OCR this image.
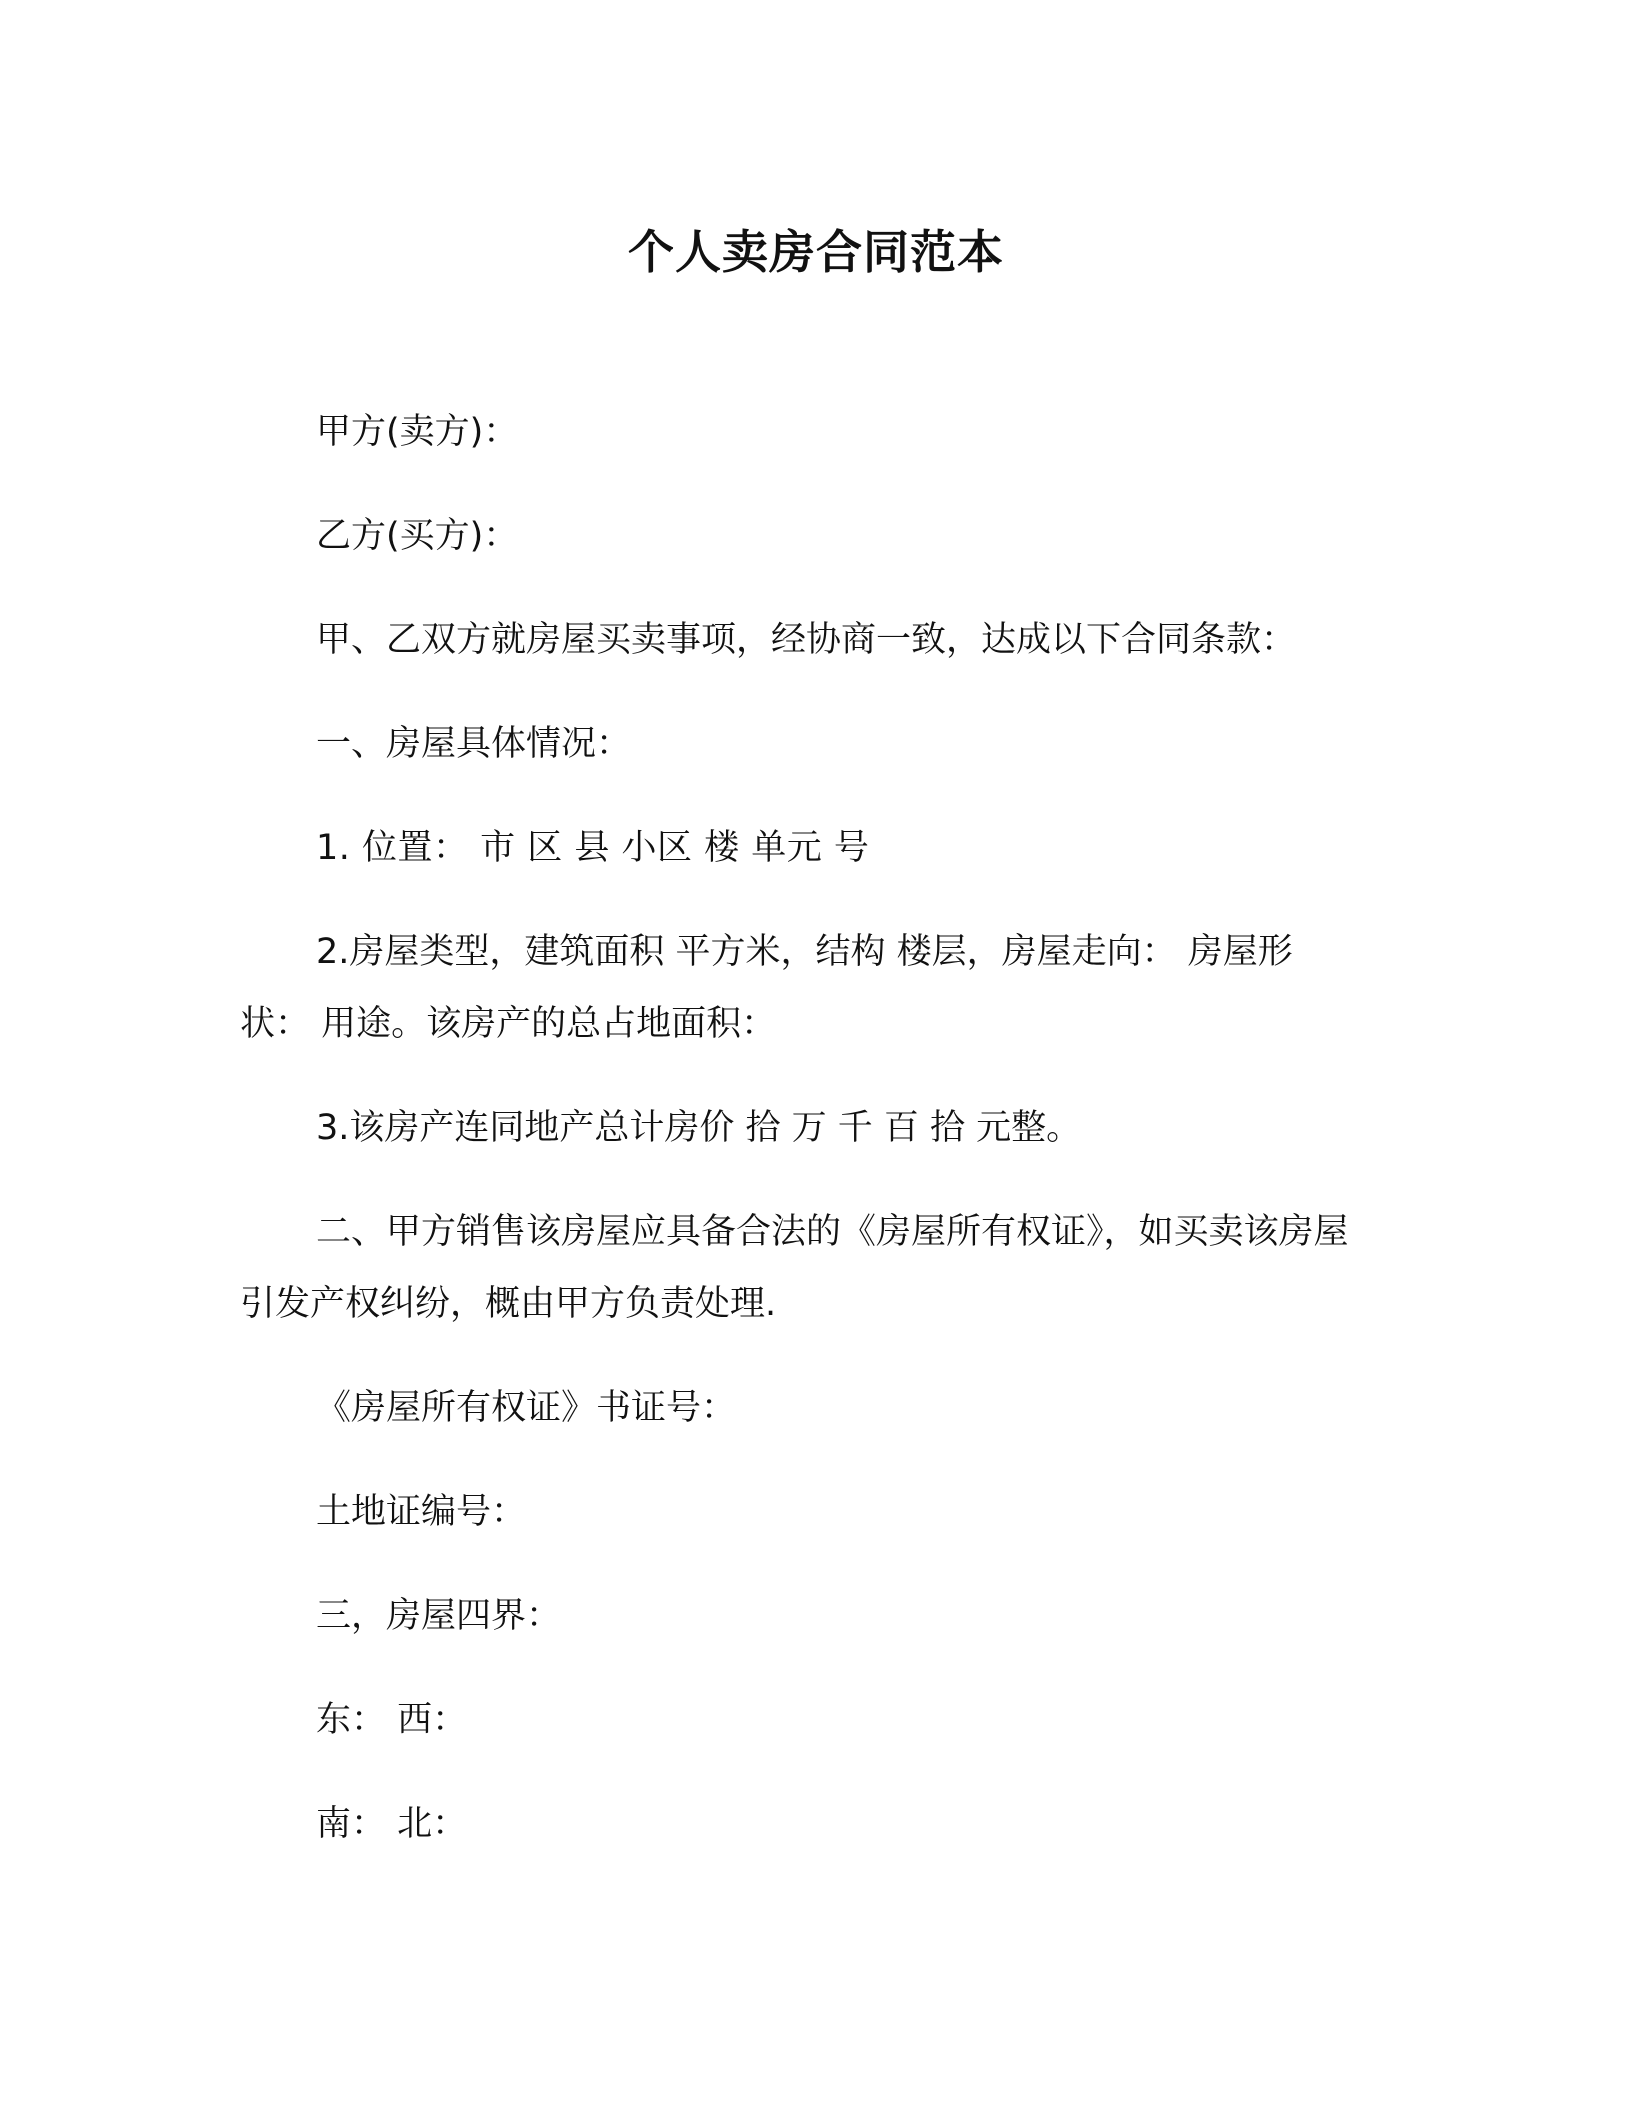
个人卖房合同范本
甲方(卖方)：
乙方(买方)：
甲、乙双方就房屋买卖事项，经协商一致，达成以下合同条款：
一、房屋具体情况：
1. 位置： 市 区 县 小区 楼 单元 号
2.房屋类型，建筑面积 平方米，结构 楼层，房屋走向： 房屋形状： 用途。该房产的总占地面积：
3.该房产连同地产总计房价 拾 万 千 百 拾 元整。
二、甲方销售该房屋应具备合法的《房屋所有权证》，如买卖该房屋引发产权纠纷，概由甲方负责处理.
《房屋所有权证》书证号：
土地证编号：
三，房屋四界：
东： 西：
南： 北：
